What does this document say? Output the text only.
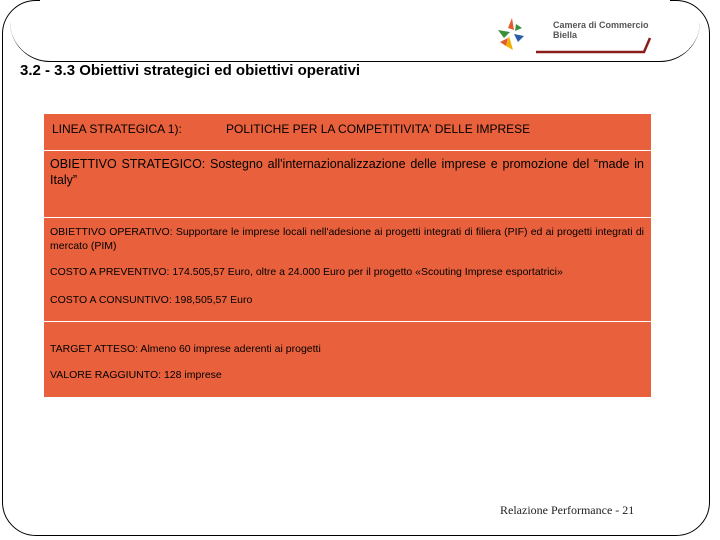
Camera di Commercio
Biella
3.2 - 3.3 Obiettivi strategici ed obiettivi operativi
LINEA STRATEGICA 1):	POLITICHE PER LA COMPETITIVITA' DELLE IMPRESE
OBIETTIVO STRATEGICO: Sostegno all'internazionalizzazione delle imprese e promozione del “made in Italy”
OBIETTIVO OPERATIVO: Supportare le imprese locali nell'adesione ai progetti integrati di filiera (PIF) ed ai progetti integrati di mercato (PIM)
COSTO A PREVENTIVO: 174.505,57 Euro, oltre a 24.000 Euro per il progetto «Scouting Imprese esportatrici»
COSTO A CONSUNTIVO: 198,505,57 Euro
TARGET ATTESO: Almeno 60 imprese aderenti ai progetti
VALORE RAGGIUNTO: 128 imprese
Relazione Performance - 21
